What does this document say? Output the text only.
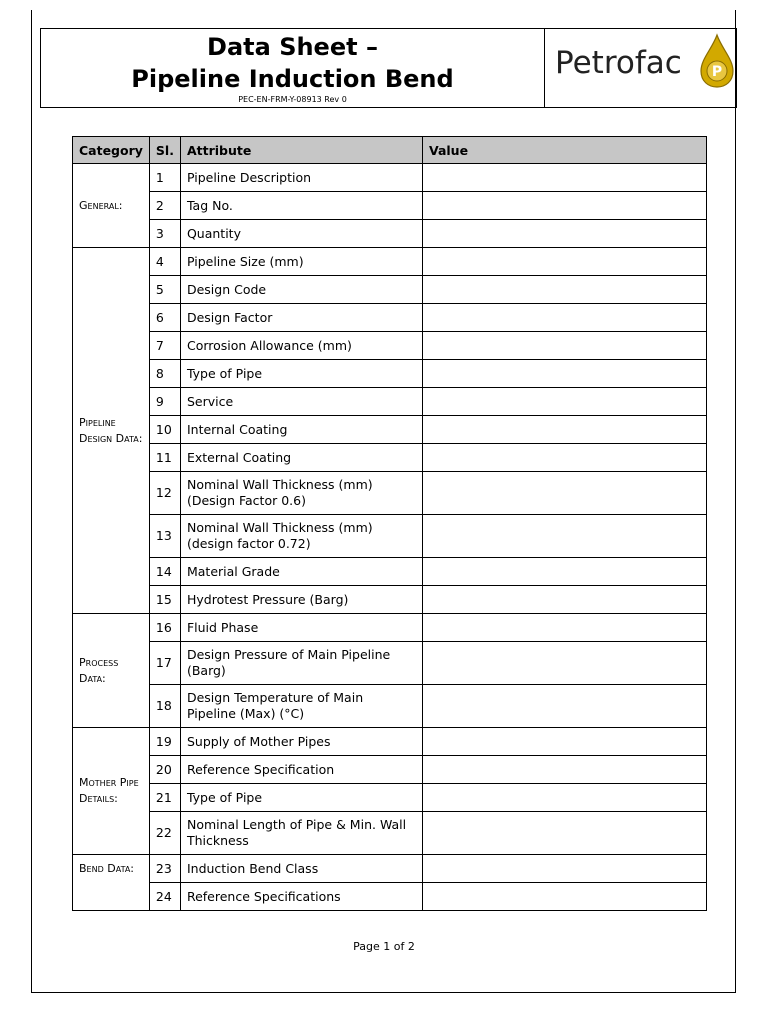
Data Sheet –
Pipeline Induction Bend
PEC-EN-FRM-Y-08913 Rev 0
Petrofac P
Category	Sl.	Attribute	Value
General:	1	Pipeline Description	
	2	Tag No.	
	3	Quantity	
Pipeline Design Data:	4	Pipeline Size (mm)	
	5	Design Code	
	6	Design Factor	
	7	Corrosion Allowance (mm)	
	8	Type of Pipe	
	9	Service	
	10	Internal Coating	
	11	External Coating	
	12	Nominal Wall Thickness (mm) (Design Factor 0.6)	
	13	Nominal Wall Thickness (mm) (design factor 0.72)	
	14	Material Grade	
	15	Hydrotest Pressure (Barg)	
Process Data:	16	Fluid Phase	
	17	Design Pressure of Main Pipeline (Barg)	
	18	Design Temperature of Main Pipeline (Max) (°C)	
Mother Pipe Details:	19	Supply of Mother Pipes	
	20	Reference Specification	
	21	Type of Pipe	
	22	Nominal Length of Pipe & Min. Wall Thickness	
Bend Data:	23	Induction Bend Class	
	24	Reference Specifications	
Page 1 of 2
